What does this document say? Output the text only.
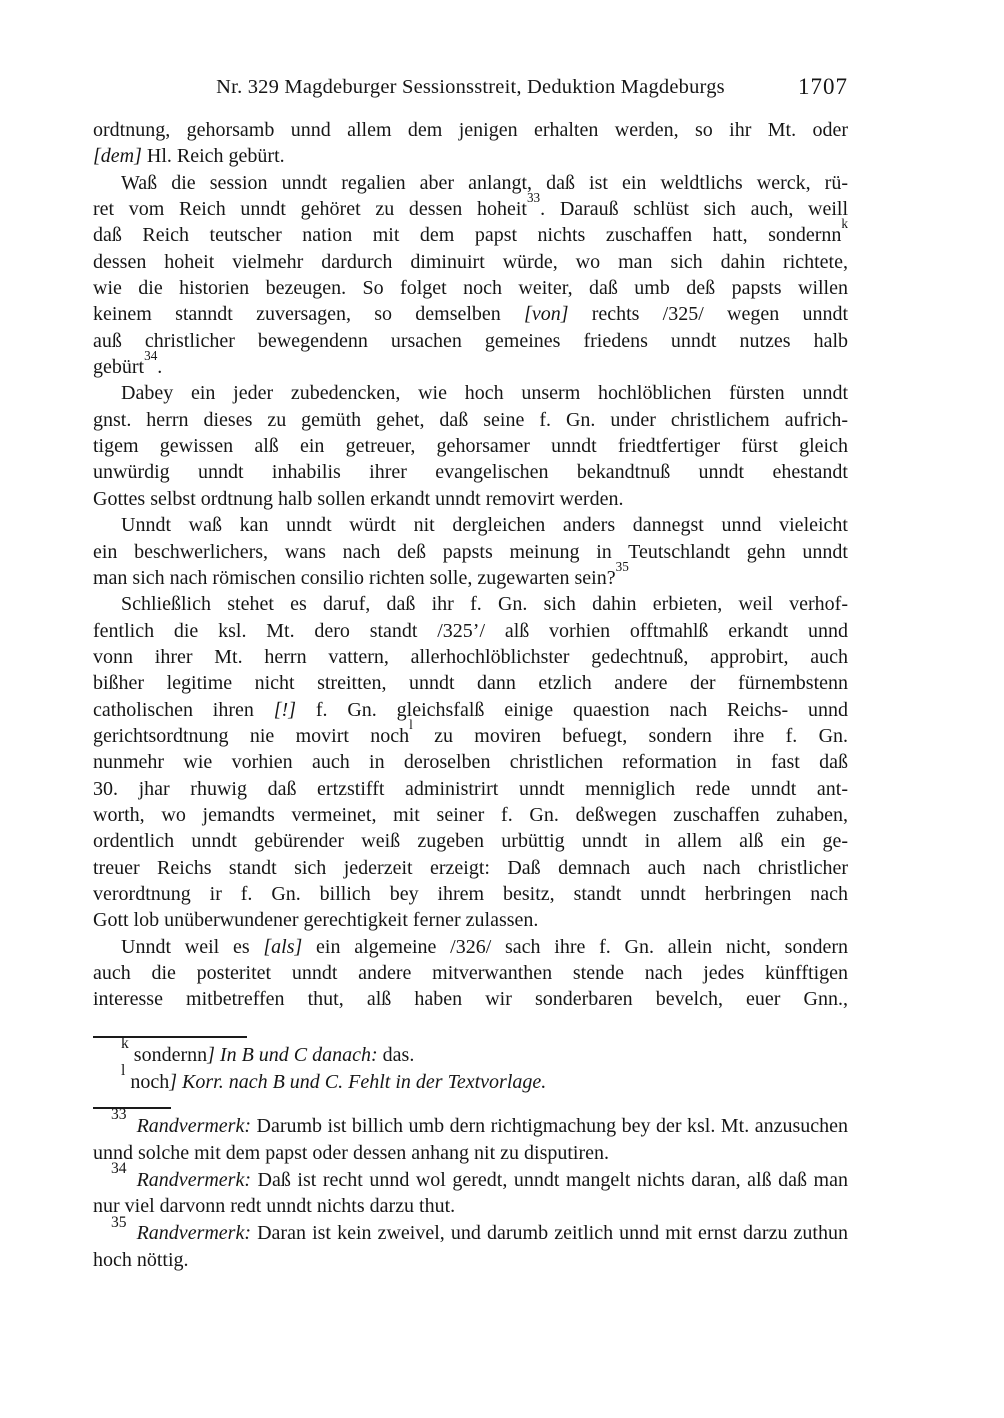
Nr. 329 Magdeburger Sessionsstreit, Deduktion Magdeburgs	1707
ordtnung, gehorsamb unnd allem dem jenigen erhalten werden, so ihr Mt. oder
[dem] Hl. Reich gebürt.
Waß die session unndt regalien aber anlangt, daß ist ein weldtlichs werck, rü-
ret vom Reich unndt gehöret zu dessen hoheit$^{33}$. Darauß schlüst sich auch, weill
daß Reich teutscher nation mit dem papst nichts zuschaffen hatt, sondernn$^k$
dessen hoheit vielmehr dardurch diminuirt würde, wo man sich dahin richtete,
wie die historien bezeugen. So folget noch weiter, daß umb deß papsts willen
keinem stanndt zuversagen, so demselben [von] rechts /325/ wegen unndt
auß christlicher bewegendenn ursachen gemeines friedens unndt nutzes halb
gebürt$^{34}$.
Dabey ein jeder zubedencken, wie hoch unserm hochlöblichen fürsten unndt
gnst. herrn dieses zu gemüth gehet, daß seine f. Gn. under christlichem aufrich-
tigem gewissen alß ein getreuer, gehorsamer unndt friedtfertiger fürst gleich
unwürdig unndt inhabilis ihrer evangelischen bekandtnuß unndt ehestandt
Gottes selbst ordtnung halb sollen erkandt unndt removirt werden.
Unndt waß kan unndt würdt nit dergleichen anders dannegst unnd vieleicht
ein beschwerlichers, wans nach deß papsts meinung in Teutschlandt gehn unndt
man sich nach römischen consilio richten solle, zugewarten sein?$^{35}$
Schließlich stehet es daruf, daß ihr f. Gn. sich dahin erbieten, weil verhof-
fentlich die ksl. Mt. dero standt /325’/ alß vorhien offtmahlß erkandt unnd
vonn ihrer Mt. herrn vattern, allerhochlöblichster gedechtnuß, approbirt, auch
bißher legitime nicht streitten, unndt dann etzlich andere der fürnembstenn
catholischen ihren [!] f. Gn. gleichsfalß einige quaestion nach Reichs- unnd
gerichtsordtnung nie movirt noch$^l$ zu moviren befuegt, sondern ihre f. Gn.
nunmehr wie vorhien auch in deroselben christlichen reformation in fast daß
30. jhar rhuwig daß ertzstifft administrirt unndt menniglich rede unndt ant-
worth, wo jemandts vermeinet, mit seiner f. Gn. deßwegen zuschaffen zuhaben,
ordentlich unndt gebürender weiß zugeben urbüttig unndt in allem alß ein ge-
treuer Reichs standt sich jederzeit erzeigt: Daß demnach auch nach christlicher
verordtnung ir f. Gn. billich bey ihrem besitz, standt unndt herbringen nach
Gott lob unüberwundener gerechtigkeit ferner zulassen.
Unndt weil es [als] ein algemeine /326/ sach ihre f. Gn. allein nicht, sondern
auch die posteritet unndt andere mitverwanthen stende nach jedes künfftigen
interesse mitbetreffen thut, alß haben wir sonderbaren bevelch, euer Gnn.,
$^k$ sondernn] In B und C danach: das.
$^l$ noch] Korr. nach B und C. Fehlt in der Textvorlage.
$^{33}$ Randvermerk: Darumb ist billich umb dern richtigmachung bey der ksl. Mt. anzusuchen
unnd solche mit dem papst oder dessen anhang nit zu disputiren.
$^{34}$ Randvermerk: Daß ist recht unnd wol geredt, unndt mangelt nichts daran, alß daß man
nur viel darvonn redt unndt nichts darzu thut.
$^{35}$ Randvermerk: Daran ist kein zweivel, und darumb zeitlich unnd mit ernst darzu zuthun
hoch nöttig.
